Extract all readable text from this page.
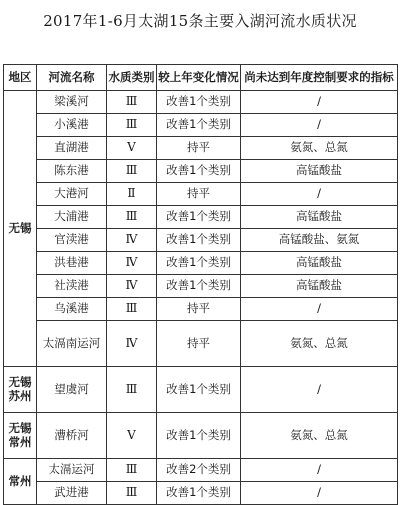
2017年1-6月太湖15条主要入湖河流水质状况
地区	河流名称	水质类别	较上年变化情况	尚未达到年度控制要求的指标
无锡	梁溪河	Ⅲ	改善1个类别	/
	小溪港	Ⅲ	改善1个类别	/
	直湖港	Ⅴ	持平	氨氮、总氮
	陈东港	Ⅲ	改善1个类别	高锰酸盐
	大港河	Ⅱ	持平	/
	大浦港	Ⅲ	改善1个类别	高锰酸盐
	官渎港	Ⅳ	改善1个类别	高锰酸盐、氨氮
	洪巷港	Ⅳ	改善1个类别	高锰酸盐
	社渎港	Ⅳ	改善1个类别	高锰酸盐
	乌溪港	Ⅲ	持平	/

	太滆南运河	Ⅳ	持平	氨氮、总氮
无锡苏州	望虞河	Ⅲ	改善1个类别	/
无锡常州	漕桥河	Ⅴ	改善1个类别	氨氮、总氮
常州	太滆运河	Ⅲ	改善2个类别	/
	武进港	Ⅲ	改善1个类别	/
